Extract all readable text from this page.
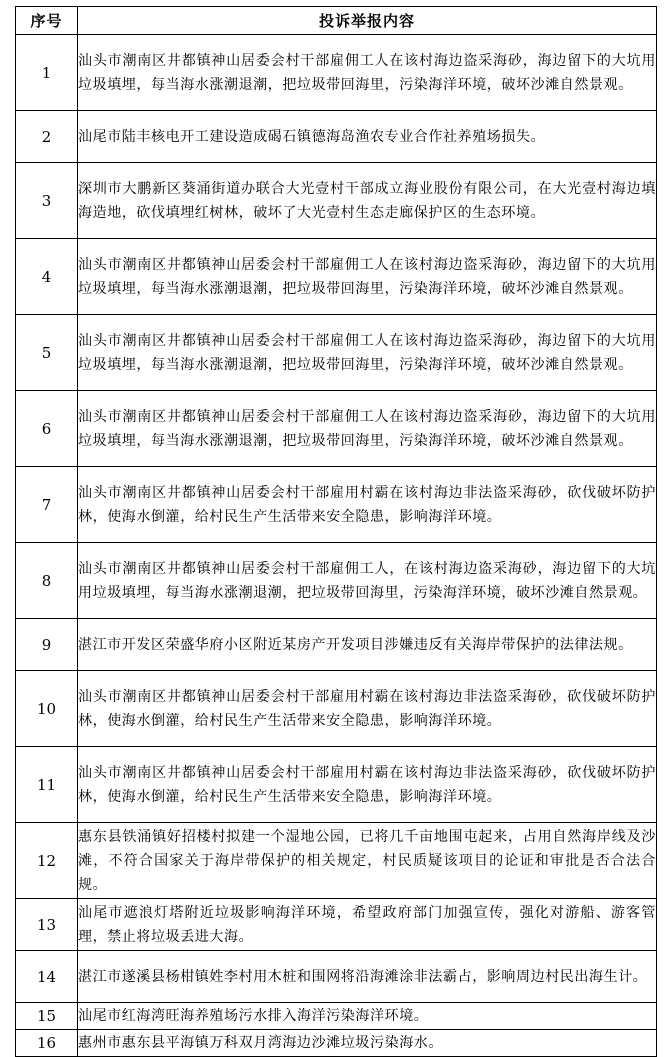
序号	投诉举报内容
1	汕头市潮南区井都镇神山居委会村干部雇佣工人在该村海边盗采海砂，海边留下的大坑用垃圾填埋，每当海水涨潮退潮，把垃圾带回海里，污染海洋环境，破坏沙滩自然景观。
2	汕尾市陆丰核电开工建设造成碣石镇德海岛渔农专业合作社养殖场损失。
3	深圳市大鹏新区葵涌街道办联合大光壹村干部成立海业股份有限公司，在大光壹村海边填海造地，砍伐填埋红树林，破坏了大光壹村生态走廊保护区的生态环境。
4	汕头市潮南区井都镇神山居委会村干部雇佣工人在该村海边盗采海砂，海边留下的大坑用垃圾填埋，每当海水涨潮退潮，把垃圾带回海里，污染海洋环境，破坏沙滩自然景观。
5	汕头市潮南区井都镇神山居委会村干部雇佣工人在该村海边盗采海砂，海边留下的大坑用垃圾填埋，每当海水涨潮退潮，把垃圾带回海里，污染海洋环境，破坏沙滩自然景观。
6	汕头市潮南区井都镇神山居委会村干部雇佣工人在该村海边盗采海砂，海边留下的大坑用垃圾填埋，每当海水涨潮退潮，把垃圾带回海里，污染海洋环境，破坏沙滩自然景观。
7	汕头市潮南区井都镇神山居委会村干部雇用村霸在该村海边非法盗采海砂，砍伐破坏防护林，使海水倒灌，给村民生产生活带来安全隐患，影响海洋环境。
8	汕头市潮南区井都镇神山居委会村干部雇佣工人，在该村海边盗采海砂，海边留下的大坑用垃圾填埋，每当海水涨潮退潮，把垃圾带回海里，污染海洋环境，破坏沙滩自然景观。
9	湛江市开发区荣盛华府小区附近某房产开发项目涉嫌违反有关海岸带保护的法律法规。
10	汕头市潮南区井都镇神山居委会村干部雇用村霸在该村海边非法盗采海砂，砍伐破坏防护林，使海水倒灌，给村民生产生活带来安全隐患，影响海洋环境。
11	汕头市潮南区井都镇神山居委会村干部雇用村霸在该村海边非法盗采海砂，砍伐破坏防护林，使海水倒灌，给村民生产生活带来安全隐患，影响海洋环境。
12	惠东县铁涌镇好招楼村拟建一个湿地公园，已将几千亩地围屯起来，占用自然海岸线及沙滩，不符合国家关于海岸带保护的相关规定，村民质疑该项目的论证和审批是否合法合规。
13	汕尾市遮浪灯塔附近垃圾影响海洋环境，希望政府部门加强宣传，强化对游船、游客管理，禁止将垃圾丢进大海。
14	湛江市遂溪县杨柑镇姓李村用木桩和围网将沿海滩涂非法霸占，影响周边村民出海生计。
15	汕尾市红海湾旺海养殖场污水排入海洋污染海洋环境。
16	惠州市惠东县平海镇万科双月湾海边沙滩垃圾污染海水。
